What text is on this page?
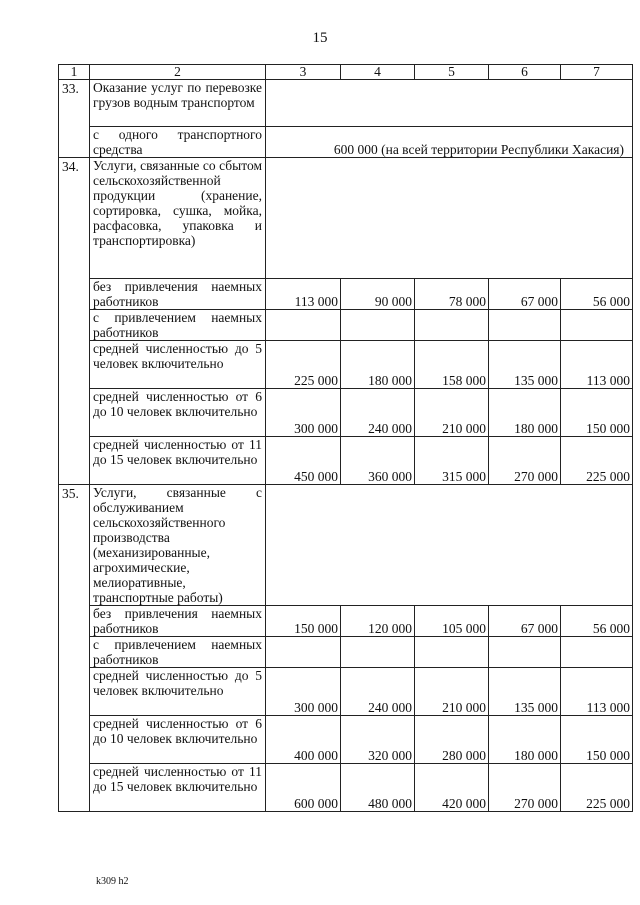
15
1	2	3	4	5	6	7
33.	Оказание услуг по перевозке грузов водным транспортом					
	с одного транспортного средства	600 000 (на всей территории Республики Хакасия)				
34.	Услуги, связанные со сбытом сельскохозяйственной продукции (хранение, сортировка, сушка, мойка, расфасовка, упаковка и транспортировка)					
	без привлечения наемных работников	113 000	90 000	78 000	67 000	56 000
	с привлечением наемных работников					
	средней численностью до 5 человек включительно	225 000	180 000	158 000	135 000	113 000
	средней численностью от 6 до 10 человек включительно	300 000	240 000	210 000	180 000	150 000
	средней численностью от 11 до 15 человек включительно	450 000	360 000	315 000	270 000	225 000
35.	Услуги, связанные с обслуживанием сельскохозяйственного производства (механизированные, агрохимические, мелиоративные, транспортные работы)					
	без привлечения наемных работников	150 000	120 000	105 000	67 000	56 000
	с привлечением наемных работников					
	средней численностью до 5 человек включительно	300 000	240 000	210 000	135 000	113 000
	средней численностью от 6 до 10 человек включительно	400 000	320 000	280 000	180 000	150 000
	средней численностью от 11 до 15 человек включительно	600 000	480 000	420 000	270 000	225 000
k309 h2
